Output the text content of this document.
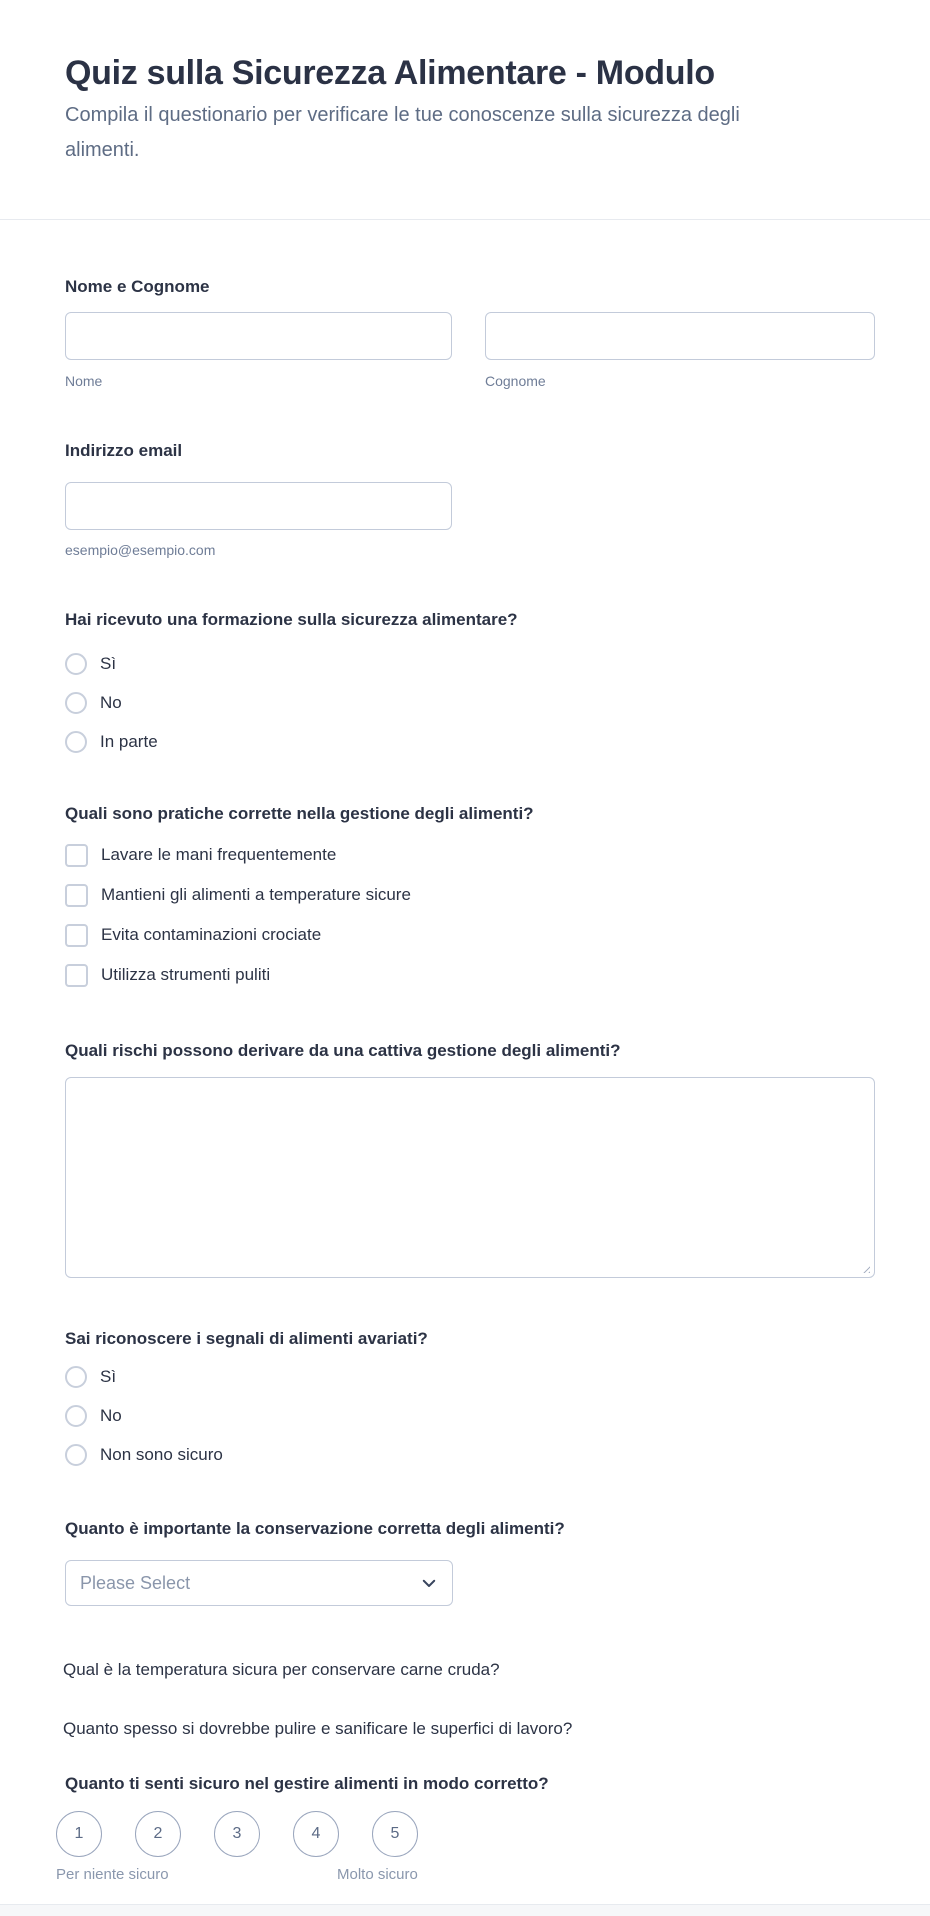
Quiz sulla Sicurezza Alimentare - Modulo

Compila il questionario per verificare le tue conoscenze sulla sicurezza degli alimenti.

Nome e Cognome
Nome	Cognome
Indirizzo email
esempio@esempio.com
Hai ricevuto una formazione sulla sicurezza alimentare?
Sì
No
In parte
Quali sono pratiche corrette nella gestione degli alimenti?
Lavare le mani frequentemente
Mantieni gli alimenti a temperature sicure
Evita contaminazioni crociate
Utilizza strumenti puliti
Quali rischi possono derivare da una cattiva gestione degli alimenti?
Sai riconoscere i segnali di alimenti avariati?
Sì
No
Non sono sicuro
Quanto è importante la conservazione corretta degli alimenti?
Please Select
Qual è la temperatura sicura per conservare carne cruda?
Quanto spesso si dovrebbe pulire e sanificare le superfici di lavoro?
Quanto ti senti sicuro nel gestire alimenti in modo corretto?
1	2	3	4	5
Per niente sicuro	Molto sicuro
